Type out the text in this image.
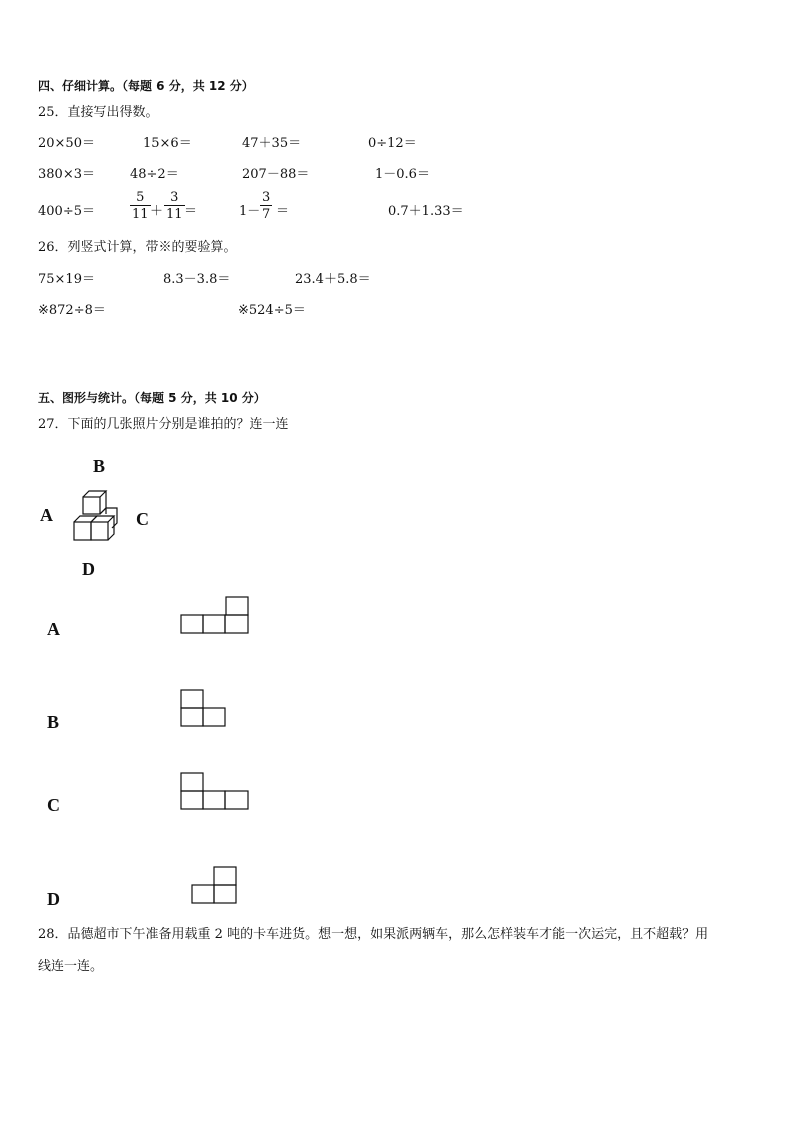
四、仔细计算。（每题 6 分，共 12 分）
25．直接写出得数。
20×50＝	15×6＝	47＋35＝	0÷12＝
380×3＝	48÷2＝	207－88＝	1－0.6＝
400÷5＝	$\frac{5}{11} + \frac{3}{11}$ ＝	$1- \frac{3}{7}$ ＝	0.7＋1.33＝
26．列竖式计算，带※的要验算。
75×19＝	8.3－3.8＝	23.4＋5.8＝
※872÷8＝	※524÷5＝
五、图形与统计。（每题 5 分，共 10 分）
27．下面的几张照片分别是谁拍的？连一连
B
A	C
D
A
B
C
D
28．品德超市下午准备用载重 2 吨的卡车进货。想一想，如果派两辆车，那么怎样装车才能一次运完，且不超载？用
线连一连。
